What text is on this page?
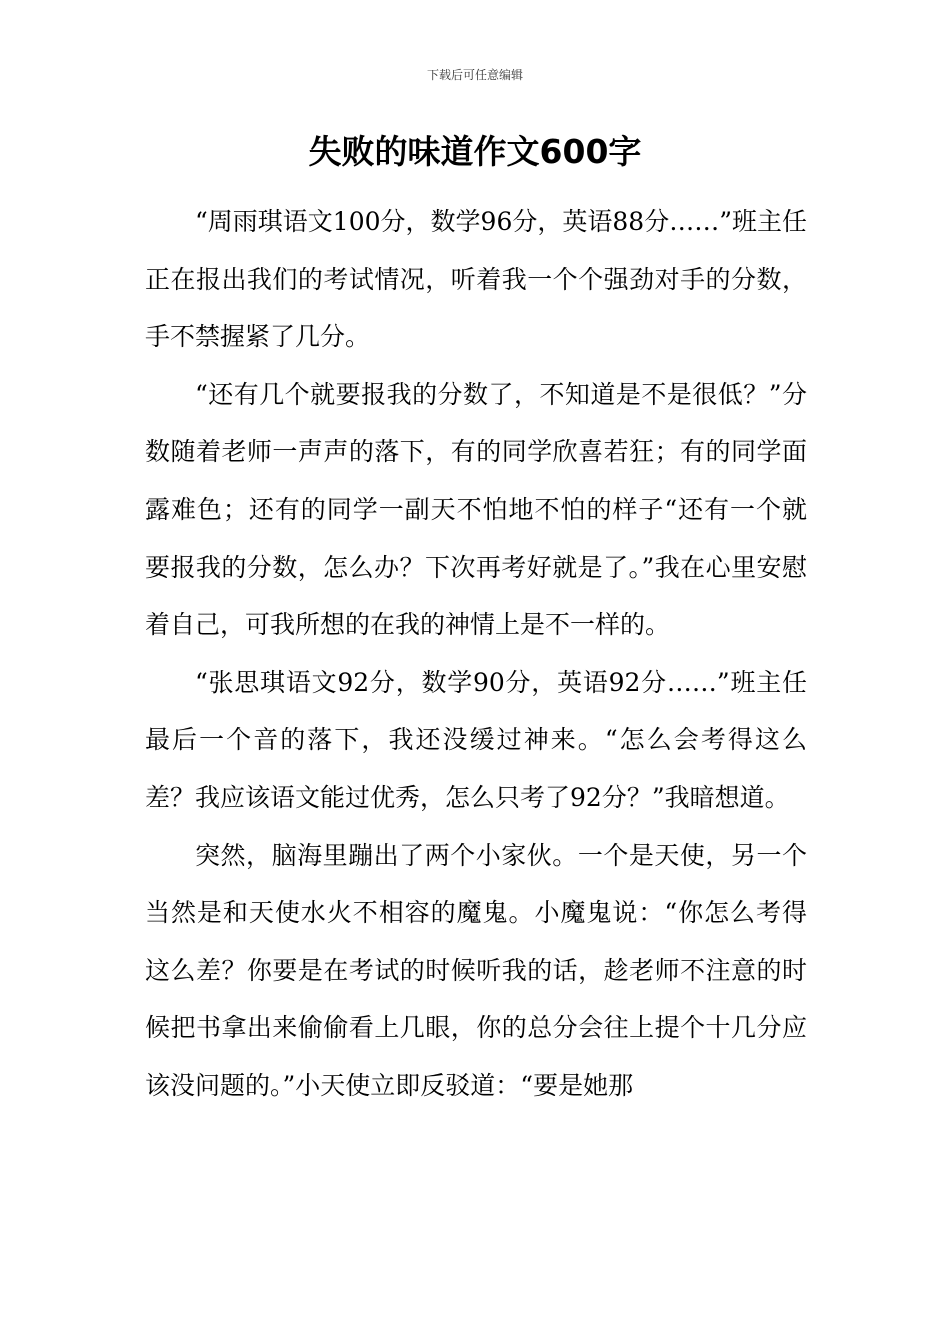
下载后可任意编辑
失败的味道作文600字

“周雨琪语文100分，数学96分，英语88分……”班主任正在报出我们的考试情况，听着我一个个强劲对手的分数，手不禁握紧了几分。

“还有几个就要报我的分数了，不知道是不是很低？”分数随着老师一声声的落下，有的同学欣喜若狂；有的同学面露难色；还有的同学一副天不怕地不怕的样子“还有一个就要报我的分数，怎么办？下次再考好就是了。”我在心里安慰着自己，可我所想的在我的神情上是不一样的。

“张思琪语文92分，数学90分，英语92分……”班主任最后一个音的落下，我还没缓过神来。“怎么会考得这么差？我应该语文能过优秀，怎么只考了92分？”我暗想道。

突然，脑海里蹦出了两个小家伙。一个是天使，另一个当然是和天使水火不相容的魔鬼。小魔鬼说：“你怎么考得这么差？你要是在考试的时候听我的话，趁老师不注意的时候把书拿出来偷偷看上几眼，你的总分会往上提个十几分应该没问题的。”小天使立即反驳道：“要是她那
